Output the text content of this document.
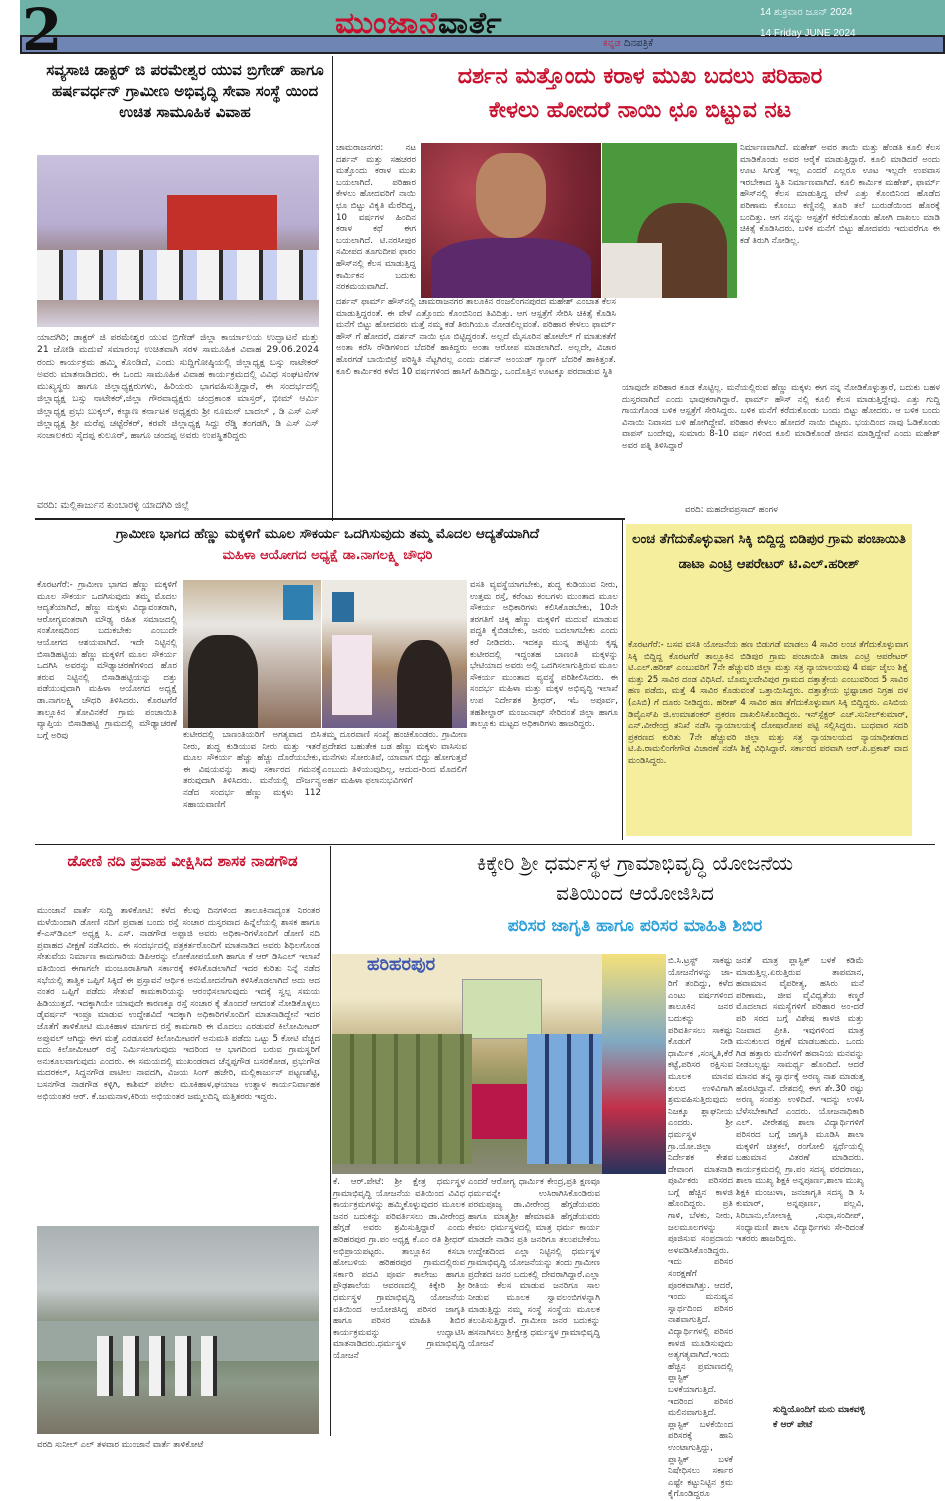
2	ಮುಂಜಾನೆವಾರ್ತೆ
ಕನ್ನಡ ದಿನಪತ್ರಿಕೆ
14 ಶುಕ್ರವಾರ ಜೂನ್ 2024
14 Friday JUNE 2024
ಸವ್ಯಸಾಚಿ ಡಾಕ್ಟರ್ ಜಿ ಪರಮೇಶ್ವರ ಯುವ ಬ್ರಿಗೇಡ್ ಹಾಗೂ ಹರ್ಷವರ್ಧನ್ ಗ್ರಾಮೀಣ ಅಭಿವೃದ್ಧಿ ಸೇವಾ ಸಂಸ್ಥೆ ಯಿಂದ ಉಚಿತ ಸಾಮೂಹಿಕ ವಿವಾಹ
ಯಾದಗಿರಿ; ಡಾಕ್ಟರ್ ಜಿ ಪರಮೇಶ್ವರ ಯುವ ಬ್ರಿಗೇಡ್ ಜಿಲ್ಲಾ ಕಾರ್ಯಾಲಯ ಉದ್ಘಾಟನೆ ಮತ್ತು 21 ಜೋಡಿ ಮದುವೆ ಸಮಾರಂಭ ಉಚಿತವಾಗಿ ಸರಳ ಸಾಮೂಹಿಕ ವಿವಾಹ 29.06.2024 ರಂದು ಕಾರ್ಯಕ್ರಮ ಹಮ್ಮಿ ಕೊಂಡಿದೆ, ಎಂದು ಸುದ್ದಿಗೋಷ್ಠಿಯಲ್ಲಿ ಜಿಲ್ಲಾಧ್ಯಕ್ಷ ಬಸ್ಸು ನಾಟೇಕರ್ ಅವರು ಮಾತನಾಡಿದರು. ಈ ಒಂದು ಸಾಮೂಹಿಕ ವಿವಾಹ ಕಾರ್ಯಕ್ರಮದಲ್ಲಿ ವಿವಿಧ ಸಂಘಟನೆಗಳ ಮುಖ್ಯಸ್ಥರು ಹಾಗೂ ಜಿಲ್ಲಾಧ್ಯಕ್ಷರುಗಳು, ಹಿರಿಯರು ಭಾಗವಹಿಸುತ್ತಿದ್ದಾರೆ, ಈ ಸಂದರ್ಭದಲ್ಲಿ ಜಿಲ್ಲಾಧ್ಯಕ್ಷ ಬಸ್ಸು ನಾಟೇಕರ್,ಜಿಲ್ಲಾ ಗೌರವಾಧ್ಯಕ್ಷರು ಚಂದ್ರಕಾಂತ ಮಾಸ್ತರ್, ಭೀಮ್ ಆರ್ಮಿ ಜಿಲ್ಲಾಧ್ಯಕ್ಷ ಪ್ರಭು ಬುಕ್ಕಲ್, ಕಲ್ಯಾಣ ಕರ್ನಾಟಕ ಅಧ್ಯಕ್ಷರು ಶ್ರೀ ನೂಮನ್ ಬಾದಲ್ , ಡಿ ಎಸ್ ಎಸ್ ಜಿಲ್ಲಾಧ್ಯಕ್ಷ ಶ್ರೀ ಮರೆಪ್ಪ ಚಟ್ಟೆರೆಕರ್, ಕರವೇ ಜಿಲ್ಲಾಧ್ಯಕ್ಷ ಸಿದ್ದು ರೆಡ್ಡಿ ತಂಗಡಗಿ, ಡಿ ಎಸ್ ಎಸ್ ಸಂಚಾಲಕರು ಸೈದಪ್ಪ ಕುಲೂರ್, ಹಾಗೂ ಚಂದಪ್ಪ ಅವರು ಉಪಸ್ಥಿತರಿದ್ದರು
ವರದಿ: ಮಲ್ಲಿಕಾರ್ಜುನ ಕುಂಬಾರಳ್ಳಿ ಯಾದಗಿರಿ ಜಿಲ್ಲೆ
ದರ್ಶನ ಮತ್ತೊಂದು ಕರಾಳ ಮುಖ ಬದಲು ಪರಿಹಾರ
ಕೇಳಲು ಹೋದರೆ ನಾಯಿ ಛೂ ಬಿಟ್ಟುವ ನಟ
ಚಾಮರಾಜನಗರ: ನಟ ದರ್ಶನ್ ಮತ್ತು ಸಹಚರರ ಮತ್ತೊಂದು ಕರಾಳ ಮುಖ ಬಯಲಾಗಿದೆ. ಪರಿಹಾರ ಕೇಳಲು ಹೋದವರಿಗೆ ನಾಯಿ ಛೂ ಬಿಟ್ಟು ವಿಕೃತಿ ಮೆರೆದಿದ್ದ, 10 ವರ್ಷಗಳ ಹಿಂದಿನ ಕರಾಳ ಕಥೆ ಈಗ ಬಯಲಾಗಿದೆ. ಟಿ.ನರಸೀಪುರ ಸಮೀಪದ ತೂಗುದೀಪ ಫಾರಂ ಹೌಸ್‌ನಲ್ಲಿ ಕೆಲಸ ಮಾಡುತ್ತಿದ್ದ ಕಾರ್ಮಿಕನ ಬದುಕು ನರಕಮಯವಾಗಿದೆ.
ದರ್ಶನ್ ಫಾರ್ಮ್ ಹೌಸ್‌ನಲ್ಲಿ ಚಾಮರಾಜನಗರ ತಾಲೂಕಿನ ರಂಜಲಿಂಗನಪುರದ ಮಹೇಶ್ ಎಂಬಾತ ಕೆಲಸ ಮಾಡುತ್ತಿದ್ದರಂತೆ. ಈ ವೇಳೆ ಎತ್ತೊಂದು ಕೊಂಬಿನಿಂದ ತಿವಿದಿತ್ತು. ಆಗ ಆಸ್ಪತ್ರೆಗೆ ಸೇರಿಸಿ ಚಿಕಿತ್ಸೆ ಕೊಡಿಸಿ ಮನೆಗೆ ಬಿಟ್ಟು ಹೋದವರು ಮತ್ತೆ ನಮ್ಮ ಕಡೆ ತಿರುಗಿಯೂ ನೋಡಲಿಲ್ಲವಂತೆ. ಪರಿಹಾರ ಕೇಳಲು ಫಾರ್ಮ್ ಹೌಸ್ ಗೆ ಹೋದರೆ, ದರ್ಶನ್ ನಾಯಿ ಛೂ ಬಿಟ್ಟಿದ್ದರಂತೆ. ಅಲ್ಲದೆ ಮೈಸೂರಿನ ಹೋಟೆಲ್ ಗೆ ಮಾತುಕತೆಗೆ ಅಂತಾ ಕರೆಸಿ ರೌಡಿಗಳಿಂದ ಬೆದರಿಕೆ ಹಾಕಿದ್ದರು ಅಂತಾ ಆರೋಪ ಮಾಡಲಾಗಿದೆ. ಅಲ್ಲದೇ, ವಿಚಾರ ಹೊರಗಡೆ ಬಾಯಿಬಿಟ್ರೆ ಪರಿಸ್ಥಿತಿ ನೆಟ್ಟಗಿರಲ್ಲ ಎಂದು ದರ್ಶನ್ ಅಂಯಡ್ ಗ್ಯಾಂಗ್ ಬೆದರಿಕೆ ಹಾಕಿತ್ತಂತೆ. ಕೂಲಿ ಕಾರ್ಮಿಕರ ಕಳೆದ 10 ವರ್ಷಗಳಿಂದ ಹಾಸಿಗೆ ಹಿಡಿದಿದ್ದು, ಒಂದೊತ್ತಿನ ಊಟಕ್ಕೂ ಪರದಾಡುವ ಸ್ಥಿತಿ
ನಿರ್ಮಾಣವಾಗಿದೆ. ಮಹೇಶ್ ಅವರ ತಾಯಿ ಮತ್ತು ಹೆಂಡತಿ ಕೂಲಿ ಕೆಲಸ ಮಾಡಿಕೊಂಡು ಅವರ ಆರೈಕೆ ಮಾಡುತ್ತಿದ್ದಾರೆ. ಕೂಲಿ ಮಾಡಿದರೆ ಅಂದು ಊಟ ಸಿಗುತ್ತೆ ಇಲ್ಲ ಎಂದರೆ ಎಲ್ಲರೂ ಊಟ ಇಲ್ಲದೇ ಉಪವಾಸ ಇರಬೇಕಾದ ಸ್ಥಿತಿ ನಿರ್ಮಾಣವಾಗಿದೆ. ಕೂಲಿ ಕಾರ್ಮಿಕ ಮಹೇಶ್, ಫಾರ್ಮ್ ಹೌಸ್‌ನಲ್ಲಿ ಕೆಲಸ ಮಾಡುತ್ತಿದ್ದ ವೇಳೆ ಎತ್ತು ಕೊಂಬಿನಿಂದ ಹೊಡೆದ ಪರಿಣಾಮ ಕೊಂಬು ಕಣ್ಣಿನಲ್ಲಿ ತೂರಿ ತಲೆ ಬುರುಡೆಯಿಂದ ಹೊರಕ್ಕೆ ಬಂದಿತ್ತು. ಆಗ ನನ್ನನ್ನು ಆಸ್ಪತ್ರೆಗೆ ಕರೆದುಕೊಂಡು ಹೋಗಿ ದಾಖಲು ಮಾಡಿ ಚಿಕಿತ್ಸೆ ಕೊಡಿಸಿದರು. ಬಳಿಕ ಮನೆಗೆ ಬಿಟ್ಟು ಹೋದವರು ಇದುವರೆಗೂ ಈ ಕಡೆ ತಿರುಗಿ ನೋಡಿಲ್ಲ.
ಯಾವುದೇ ಪರಿಹಾರ ಕೂಡ ಕೊಟ್ಟಿಲ್ಲ. ಮನೆಯಲ್ಲಿರುವ ಹೆಣ್ಣು ಮಕ್ಕಳು ಈಗ ನನ್ನ ನೋಡಿಕೊಳ್ಳುತ್ತಾರೆ, ಬದುಕು ಬಹಳ ದುಸ್ತರವಾಗಿದೆ ಎಂದು ಭಾವುಕರಾಗಿದ್ದಾರೆ. ಫಾರ್ಮ್ ಹೌಸ್ ನಲ್ಲಿ ಕೂಲಿ ಕೆಲಸ ಮಾಡುತ್ತಿದ್ದೇವು. ಎತ್ತು ಗುದ್ದಿ ಗಾಯಗೊಂಡ ಬಳಿಕ ಆಸ್ಪತ್ರೆಗೆ ಸೇರಿಸಿದ್ದರು. ಬಳಿಕ ಮನೆಗೆ ಕರೆದುಕೊಂಡು ಬಂದು ಬಿಟ್ಟು ಹೋದರು. ಆ ಬಳಿಕ ಬಂದು ವಿನಾಯಿ ನಿವಾಸದ ಬಳಿ ಹೋಗಿದ್ದೇವೆ. ಪರಿಹಾರ ಕೇಳಲು ಹೋದರೆ ನಾಯಿ ಬಿಟ್ಟರು. ಭಯದಿಂದ ನಾವು ಓಡಿಕೊಂಡು ವಾಪಸ್ ಬಂದೇವು, ಸುಮಾರು 8-10 ವರ್ಷ ಗಳಿಂದ ಕೂಲಿ ಮಾಡಿಕೊಂಡೆ ಜೀವನ ಮಾಡ್ತಿದ್ದೇವೆ ಎಂದು ಮಹೇಶ್ ಅವರ ಪತ್ನಿ ತಿಳಿಸಿದ್ದಾರೆ
ವರದಿ: ಮಹದೇವಪ್ರಸಾದ್ ಹಂಗಳ
ಗ್ರಾಮೀಣ ಭಾಗದ ಹೆಣ್ಣು ಮಕ್ಕಳಿಗೆ ಮೂಲ ಸೌಕರ್ಯ ಒದಗಿಸುವುದು ತಮ್ಮ ಮೊದಲ ಆದ್ಯತೆಯಾಗಿದೆ
ಮಹಿಳಾ ಆಯೋಗದ ಅಧ್ಯಕ್ಷೆ ಡಾ.ನಾಗಲಕ್ಷ್ಮಿ ಚೌಧರಿ
ಕೊರಟಗೆರೆ:- ಗ್ರಾಮೀಣ ಭಾಗದ ಹೆಣ್ಣು ಮಕ್ಕಳಿಗೆ ಮೂಲ ಸೌಕರ್ಯ ಒದಗಿಸುವುದು ತಮ್ಮ ಮೊದಲ ಆದ್ಯತೆಯಾಗಿದೆ, ಹೆಣ್ಣು ಮಕ್ಕಳು ವಿದ್ಯಾವಂತರಾಗಿ, ಆರೋಗ್ಯವಂತರಾಗಿ ಮೌಢ್ಯ ರಹಿತ ಸಮಾಜದಲ್ಲಿ ಸಂತೋಷದಿಂದ ಬದುಕಬೇಕು ಎಂಬುದೇ ಆಯೋಗದ ಆಶಯವಾಗಿದೆ. ಇದೇ ನಿಟ್ಟಿನಲ್ಲಿ ಬಿಸಾಡಿಹಟ್ಟಿಯ ಹೆಣ್ಣು ಮಕ್ಕಳಿಗೆ ಮೂಲ ಸೌಕರ್ಯ ಒದಗಿಸಿ ಅವರನ್ನು ಮೌಢ್ಯಾಚರಣೆಗಳಿಂದ ಹೊರ ತರುವ ನಿಟ್ಟಿನಲ್ಲಿ ಬಿಸಾಡಿಹಟ್ಟಿಯನ್ನು ದತ್ತು ಪಡೆಯುವುದಾಗಿ ಮಹಿಳಾ ಆಯೋಗದ ಅಧ್ಯಕ್ಷೆ ಡಾ.ನಾಗಲಕ್ಷ್ಮಿ ಚೌಧರಿ ತಿಳಿಸಿದರು. ಕೊರಟಗೆರೆ ತಾಲ್ಲೂಕಿನ ತೋವಿನಕೆರೆ ಗ್ರಾಮ ಪಂಚಾಯಿತಿ ವ್ಯಾಪ್ತಿಯ ಬಿಸಾಡಿಹಟ್ಟಿ ಗ್ರಾಮದಲ್ಲಿ ಮೌಢ್ಯಾಚರಣೆ ಬಗ್ಗೆ ಅರಿವು	ಕುಟೀರದಲ್ಲಿ ಬಾಣಂತಿಯರಿಗೆ ಅಗತ್ಯವಾದ ಬಿಸಿ ನೀರು, ಶುದ್ಧ ಕುಡಿಯುವ ನೀರು ಮತ್ತು ಇತರೆ ಮೂಲ ಸೌಕರ್ಯ ಹೆಚ್ಚು ಹೆಚ್ಚು ದೊರೆಯಬೇಕು, ಈ ವಿಷಯವನ್ನು ತಾವು ಸರ್ಕಾರದ ಗಮನಕ್ಕೆ ತರುವುದಾಗಿ ತಿಳಿಸಿದರು. ಮನೆಯಲ್ಲಿ ದೌರ್ಜನ್ಯ ನಡೆದ ಸಂದರ್ಭ ಹೆಣ್ಣು ಮಕ್ಕಳು 112 ಸಹಾಯವಾಣಿಗೆ
ತಮ್ಮ ದೂರವಾಣಿ ಸಂಖ್ಯೆ ಹಂಚಿಕೊಂಡರು. ಗ್ರಾಮೀಣ ಪ್ರದೇಶದ ಬಹುತೇಕ ಬಡ ಹೆಣ್ಣು ಮಕ್ಕಳು ವಾಸಿಸುವ ಮನೆಗಳು ಸೋರುತಿವೆ, ಯಾವಾಗ ಬಿದ್ದು ಹೋಗುತ್ತವೆ ಎಂಬುದು ತಿಳಿಯುವುದಿಲ್ಲ, ಆದುದ-ರಿಂದ ಮೊದಲಿಗೆ ಅರ್ಹ ಮಹಿಳಾ ಫಲಾನುಭವಿಗಳಿಗೆ
ವಸತಿ ವ್ಯವಸ್ಥೆಯಾಗಬೇಕು, ಶುದ್ಧ ಕುಡಿಯುವ ನೀರು, ಉತ್ತಮ ರಸ್ತೆ, ಕರೆಂಟು ಕಂಬಗಳು ಮುಂತಾದ ಮೂಲ ಸೌಕರ್ಯ ಅಧಿಕಾರಿಗಳು ಕಲಿಸಿಕೊಡಬೇಕು, 10ನೇ ತರಗತಿಗೆ ಚಿಕ್ಕ ಹೆಣ್ಣು ಮಕ್ಕಳಿಗೆ ಮದುವೆ ಮಾಡುವ ಪದ್ಧತಿ ಕೈಬಿಡಬೇಕು, ಜನರು ಬದಲಾಗಬೇಕು ಎಂದು ಕರೆ ನೀಡಿದರು. ಇದಕ್ಕೂ ಮುನ್ನ ಹಟ್ಟಿಯ ಕೃಷ್ಣ ಕುಟೀರದಲ್ಲಿ ಇದ್ದಂತಹ ಬಾಣಂತಿ ಮಕ್ಕಳನ್ನು ಭೇಟಿಯಾದ ಅವರು ಅಲ್ಲಿ ಒದಗಿಸಲಾಗುತ್ತಿರುವ ಮೂಲ ಸೌಕರ್ಯ ಮುಂತಾದ ವ್ಯವಸ್ಥೆ ಪರಿಶೀಲಿಸಿದರು. ಈ ಸಂದರ್ಭ ಮಹಿಳಾ ಮತ್ತು ಮಕ್ಕಳ ಅಭಿವೃದ್ಧಿ ಇಲಾಖೆ ಉಪ ನಿರ್ದೇಶಕ ಶ್ರೀಧರ್, ಇಓ ಅಪೂರ್ವ, ತಹಶೀಲ್ದಾರ್ ಮಂಜುನಾಥ್ ಸೇರಿದಂತೆ ಜಿಲ್ಲಾ ಹಾಗೂ ತಾಲ್ಲೂಕು ಮಟ್ಟದ ಅಧಿಕಾರಿಗಳು ಹಾಜರಿದ್ದರು.
ಲಂಚ ತೆಗೆದುಕೊಳ್ಳುವಾಗ ಸಿಕ್ಕಿ ಬಿದ್ದಿದ್ದ ಬಿಡಿಪುರ ಗ್ರಾಮ ಪಂಚಾಯಿತಿ ಡಾಟಾ ಎಂಟ್ರಿ ಆಪರೇಟರ್ ಟಿ.ಎಲ್.ಹರೀಶ್
ಕೊರಟಗೆರೆ:- ಬಸವ ವಸತಿ ಯೋಜನೆಯ ಹಣ ಬಿಡುಗಡೆ ಮಾಡಲು 4 ಸಾವಿರ ಲಂಚ ತೆಗೆದುಕೊಳ್ಳುವಾಗ ಸಿಕ್ಕಿ ಬಿದ್ದಿದ್ದ ಕೊರಟಗೆರೆ ತಾಲ್ಲೂಕಿನ ಬಿಡಿಪುರ ಗ್ರಾಮ ಪಂಚಾಯಿತಿ ಡಾಟಾ ಎಂಟ್ರಿ ಆಪರೇಟರ್ ಟಿ.ಎಲ್.ಹರೀಶ್ ಎಂಬುವರಿಗೆ 7ನೇ ಹೆಚ್ಚುವರಿ ಜಿಲ್ಲಾ ಮತ್ತು ಸತ್ರ ನ್ಯಾಯಾಲಯವು 4 ವರ್ಷ ಜೈಲು ಶಿಕ್ಷೆ ಮತ್ತು 25 ಸಾವಿರ ದಂಡ ವಿಧಿಸಿದೆ. ಬೊಮ್ಮಲದೇವಿಪುರ ಗ್ರಾಮದ ದತ್ತಾತ್ರೇಯ ಎಂಬುವರಿಂದ 5 ಸಾವಿರ ಹಣ ಪಡೆದು, ಮತ್ತೆ 4 ಸಾವಿರ ಕೊಡುವಂತೆ ಒತ್ತಾಯಿಸಿದ್ದರು. ದತ್ತಾತ್ರೇಯ ಭ್ರಷ್ಟಾಚಾರ ನಿಗ್ರಹ ದಳ (ಎಸಿಬಿ) ಗೆ ದೂರು ನೀಡಿದ್ದರು. ಹರೀಶ್ 4 ಸಾವಿರ ಹಣ ತೆಗೆದುಕೊಳ್ಳುವಾಗ ಸಿಕ್ಕಿ ಬಿದ್ದಿದ್ದರು. ಎಸಿಬಿಯ ಡಿವೈಎಸ್‌ಪಿ ಜಿ.ಉಮಾಶಂಕರ್ ಪ್ರಕರಣ ದಾಖಲಿಸಿಕೊಂಡಿದ್ದರು. ಇನ್‌ಸ್ಪೆಕ್ಟರ್ ಎಚ್.ಸುನೀಲ್‌ಕುಮಾರ್, ಎನ್.ವೀರೇಂದ್ರ ತನಿಖೆ ನಡೆಸಿ ನ್ಯಾಯಾಲಯಕ್ಕೆ ದೋಷಾರೋಪ ಪಟ್ಟಿ ಸಲ್ಲಿಸಿದ್ದರು. ಬುಧವಾರ ಸದರಿ ಪ್ರಕರಣದ ಕುರಿತು 7ನೇ ಹೆಚ್ಚುವರಿ ಜಿಲ್ಲಾ ಮತ್ತು ಸತ್ರ ನ್ಯಾಯಾಲಯದ ನ್ಯಾಯಾಧೀಶರಾದ ಟಿ.ಪಿ.ರಾಮಲಿಂಗೇಗೌಡ ವಿಚಾರಣೆ ನಡೆಸಿ ಶಿಕ್ಷೆ ವಿಧಿಸಿದ್ದಾರೆ. ಸರ್ಕಾರದ ಪರವಾಗಿ ಆರ್.ಪಿ.ಪ್ರಕಾಶ್ ವಾದ ಮಂಡಿಸಿದ್ದರು.
ಡೋಣಿ ನದಿ ಪ್ರವಾಹ ವೀಕ್ಷಿಸಿದ ಶಾಸಕ ನಾಡಗೌಡ
ಮುಂಜಾನೆ ವಾರ್ತೆ ಸುದ್ದಿ ತಾಳಿಕೋಟಿ: ಕಳೆದ ಕೆಲವು ದಿನಗಳಿಂದ ತಾಲೂಕಿನಾದ್ಯಂತ ನಿರಂತರ ಮಳೆಯಿಂದಾಗಿ ಡೋಣಿ ನದಿಗೆ ಪ್ರವಾಹ ಬಂದು ರಸ್ತೆ ಸಂಚಾರ ದುಸ್ತರವಾದ ಹಿನ್ನೆಲೆಯಲ್ಲಿ ಶಾಸಕ ಹಾಗೂ ಕೆ-ಎಸ್‌ಡಿಎಲ್ ಅಧ್ಯಕ್ಷ ಸಿ. ಎಸ್. ನಾಡಗೌಡ ಅಪ್ಪಾಜಿ ಅವರು ಅಧಿಕಾ-ರಿಗಳೊಂದಿಗೆ ಡೋಣಿ ನದಿ ಪ್ರವಾಹದ ವೀಕ್ಷಣೆ ನಡೆಸಿದರು. ಈ ಸಂದರ್ಭದಲ್ಲಿ ಪತ್ರಕರ್ತರೊಂದಿಗೆ ಮಾತನಾಡಿದ ಅವರು ಶಿಥಿಲಗೊಂಡ ಸೇತುವೆಯ ನಿರ್ಮಾಣ ಕಾಮಗಾರಿಯ ಡಿಪಿಆರನ್ನು ಲೋಕೋಪಯೋಗಿ ಹಾಗೂ ಕೆ ಆರ್ ಡಿಸಿಎಲ್ ಇಲಾಖೆ ವತಿಯಿಂದ ಈಗಾಗಲೇ ಮಂಜೂರಾತಿಗಾಗಿ ಸರ್ಕಾರಕ್ಕೆ ಕಳಿಸಿಕೊಡಲಾಗಿದೆ ಇದರ ಕುರಿತು ನಿನ್ನೆ ನಡೆದ ಸಭೆಯಲ್ಲಿ ತಾತ್ವಿಕ ಒಪ್ಪಿಗೆ ಸಿಕ್ಕಿದೆ ಈ ಪ್ರಸ್ತಾವನೆ ಆರ್ಥಿಕ ಅನುಮೋದನೆಗಾಗಿ ಕಳಿಸಿಕೊಡಲಾಗಿದೆ ಅದು ಆದ ನಂತರ ಒಪ್ಪಿಗೆ ಪಡೆದು ಸೇತುವೆ ಕಾಮಕಾರಿಯನ್ನು ಆರಂಭಿಸಲಾಗುವುದು ಇದಕ್ಕೆ ಸ್ವಲ್ಪ ಸಮಯ ಹಿಡಿಯುತ್ತದೆ. ಇದಕ್ಕಾಗಿಯೇ ಯಾವುದೇ ಕಾರಣಕ್ಕೂ ರಸ್ತೆ ಸಂಚಾರ ಕ್ಕೆ ತೊಂದರೆ ಆಗದಂತೆ ನೋಡಿಕೊಳ್ಳಲು ಡೈವರ್ಷನ್ ಇಂಪ್ರೂ ಮಾಡುವ ಉದ್ದೇಶವಿದೆ ಇದಕ್ಕಾಗಿ ಅಧಿಕಾರಿಗಳೊಂದಿಗೆ ಮಾತನಾಡಿದ್ದೇನೆ ಇದರ ಜೊತೆಗೆ ತಾಳಿಕೋಟಿ ಮೂಕಿಹಾಳ ಮಾರ್ಗದ ರಸ್ತೆ ಕಾಮಗಾರಿ ಈ ಮೊದಲು ಎರಡುವರೆ ಕಿಲೋಮೀಟರ್ ಅಪ್ರುವಲ್ ಆಗಿದ್ದು ಈಗ ಮತ್ತೆ ಎರಡೂವರೆ ಕಿಲೋಮೀಟರಗೆ ಅನುಮತಿ ಪಡೆದು ಒಟ್ಟು 5 ಕೋಟಿ ವೆಚ್ಚದ ಐದು ಕಿಲೋಮೀಟರ್ ರಸ್ತೆ ನಿರ್ಮಿಸಲಾಗುವುದು ಇದರಿಂದ ಆ ಭಾಗದಿಂದ ಬರುವ ಗ್ರಾಮಸ್ಥರಿಗೆ ಅನುಕೂಲವಾಗುವುದು ಎಂದರು. ಈ ಸಮಯದಲ್ಲಿ ಮುಖಂಡರಾದ ಚೆನ್ನಪ್ಪಗೌಡ ಬಸರಕೋಡ, ಪ್ರಭುಗೌಡ ಮದರಕಲ್, ಸಿದ್ದನಗೌಡ ಪಾಟೀಲ ನಾವದಗಿ, ವಿಜಯ ಸಿಂಗ್ ಹಜೇರಿ, ಮಲ್ಲಿಕಾರ್ಜುನ್ ಪಟ್ಟಣಶೆಟ್ಟಿ, ಬಸನಗೌಡ ನಾಡಗೌಡ ಕಳ್ಳಿಗಿ, ಕಾಶಿಮ್ ಪಟೇಲ ಮೂಕಿಹಾಳ,ಘಯಾಜ ಉತ್ನಾಳ ಕಾರ್ಯನಿರ್ವಾಹಕ ಅಭಿಯಂತರ ಆರ್. ಕೆ.ಜುಮನಾಳ,ಕಿರಿಯ ಅಭಿಯಂತರ ಜಮ್ಮಲದಿನ್ನಿ ಮತ್ತಿತರರು ಇದ್ದರು.
ವರದಿ ಸುನೀಲ್ ಎಲ್ ತಳವಾರ ಮುಂಜಾನೆ ವಾರ್ತೆ ತಾಳಿಕೋಟೆ
ಕಿಕ್ಕೇರಿ ಶ್ರೀ ಧರ್ಮಸ್ಥಳ ಗ್ರಾಮಾಭಿವೃದ್ಧಿ ಯೋಜನೆಯ
ವತಿಯಿಂದ ಆಯೋಜಿಸಿದ
ಪರಿಸರ ಜಾಗೃತಿ ಹಾಗೂ ಪರಿಸರ ಮಾಹಿತಿ ಶಿಬಿರ
ಹರಿಹರಪುರ
ಕೆ. ಆರ್.ಪೇಟೆ: ಶ್ರೀ ಕ್ಷೇತ್ರ ಧರ್ಮಸ್ಥಳ ಗ್ರಾಮಾಭಿವೃದ್ಧಿ ಯೋಜನೆಯ ವತಿಯಿಂದ ವಿವಿಧ ಕಾರ್ಯಕ್ರಮಗಳನ್ನು ಹಮ್ಮಿಕೊಳ್ಳುವುದರ ಮೂಲಕ ಜನರ ಬದುಕನ್ನು ಪರಿವರ್ತಿಸಲು ಡಾ.ವೀರೇಂದ್ರ ಹೆಗ್ಗಡೆ ಅವರು ಶ್ರಮಿಸುತ್ತಿದ್ದಾರೆ ಎಂದು ಹರಿಹರಪುರ ಗ್ರಾ.ಪಂ ಅಧ್ಯಕ್ಷ ಕೆ.ಎಂ ರತಿ ಶ್ರೀಧರ್ ಅಭಿಪ್ರಾಯಪಟ್ಟರು. ತಾಲ್ಲೂಕಿನ ಕಸಬಾ ಹೋಬಳಿಯ ಹರಿಹರಪುರ ಗ್ರಾಮದಲ್ಲಿರುವ ಸರ್ಕಾರಿ ಪದವಿ ಪೂರ್ವ ಕಾಲೇಜು ಹಾಗೂ ಪ್ರೌಢಶಾಲೆಯ ಆವರಣದಲ್ಲಿ ಕಿಕ್ಕೇರಿ ಶ್ರೀ ಧರ್ಮಸ್ಥಳ ಗ್ರಾಮಾಭಿವೃದ್ಧಿ ಯೋಜನೆಯ ವತಿಯಿಂದ ಆಯೋಜಿಸಿದ್ದ ಪರಿಸರ ಜಾಗೃತಿ ಹಾಗೂ ಪರಿಸರ ಮಾಹಿತಿ ಶಿಬಿರ ಕಾರ್ಯಕ್ರಮವನ್ನು ಉದ್ಘಾಟಿಸಿ ಮಾತನಾಡಿದರು.ಧರ್ಮಸ್ಥಳ ಗ್ರಾಮಾಭಿವೃದ್ಧಿ ಯೋಜನೆ
ಎಂದರೆ ಆರೋಗ್ಯ ಧಾರ್ಮಿಕ ಕೇಂದ್ರ,ಪ್ರತಿ ಕ್ಷಣವೂ ಧರ್ಮವನ್ನೇ ಉಸಿರಾಗಿಸಿಕೊಂಡಿರುವ ಪರಮಪೂಜ್ಯ ಡಾ.ವೀರೇಂದ್ರ ಹೆಗ್ಗಡೆಯವರು ಹಾಗೂ ಮಾತೃಶ್ರೀ ಹೇಮಾವತಿ ಹೆಗ್ಗಡೆಯವರು ಕೇವಲ ಧರ್ಮಸ್ಥಳದಲ್ಲಿ ಮಾತ್ರ ಧರ್ಮ ಕಾರ್ಯ ಮಾಡದೇ ನಾಡಿನ ಪ್ರತಿ ಜನರಿಗೂ ತಲುಪಬೇಕೆಂಬ ಉದ್ದೇಶದಿಂದ ಎಲ್ಲಾ ನಿಟ್ಟಿನಲ್ಲಿ ಧರ್ಮಸ್ಥಳ ಗ್ರಾಮಾಭಿವೃದ್ಧಿ ಯೋಜನೆಯನ್ನು ತಂದು ಗ್ರಾಮೀಣ ಪ್ರದೇಶದ ಜನರ ಬದುಕಲ್ಲಿ ದೇವರಾಗಿದ್ದಾರೆ.ಎಲ್ಲಾ ರೀತಿಯ ಕೆಲಸ ಮಾಡುವ ಜನರಿಗೂ ಸಾಲ ನೀಡುವ ಮೂಲಕ ಸ್ವಾವಲಂಬಿಗಳನ್ನಾಗಿ ಮಾಡುತ್ತಿದ್ದು ನಮ್ಮ ಸಂಸ್ಥೆ ಸಂಸ್ಥೆಯ ಮೂಲಕ ತಲುಪಿಸುತ್ತಿದ್ದಾರೆ. ಗ್ರಾಮೀಣ ಜನರ ಬದುಕನ್ನು ಹಸನಾಗಿಸಲು ಶ್ರೀಕ್ಷೇತ್ರ ಧರ್ಮಸ್ಥಳ ಗ್ರಾಮಾಭಿವೃದ್ಧಿ ಯೋಜನೆ
ಬಿ.ಸಿ.ಟ್ರಸ್ಟ್ ಸಾಕಷ್ಟು ಯೋಜನೆಗಳನ್ನು ಜಾ-ರಿಗೆ ತಂದಿದ್ದು, ಕಳೆದ ಎಂಟು ವರ್ಷಗಳಿಂದ ತಾಲೂಕಿನ ಜನರ ಬದುಕನ್ನು ಪರಿವರ್ತಿಸಲು ಸಾಕಷ್ಟು ಕೊಡುಗೆ ನೀಡಿ ಧಾರ್ಮಿಕ ,ಸಂಸ್ಕೃತಿ,ಕೆರೆ ಕಟ್ಟೆ,ಪರಿಸರ ರಕ್ಷಿಸುವ ಮೂಲಕ ಮಾನವ ಕುಲದ ಉಳಿವಿಗಾಗಿ ಶ್ರಮವಹಿಸುತ್ತಿರುವುದು ನಿಜಕ್ಕೂ ಶ್ಲಾಘನೀಯ ಎಂದರು. ಶ್ರೀ ಧರ್ಮಸ್ಥಳ ಗ್ರಾ.ಯೋ.ಜಿಲ್ಲಾ ನಿರ್ದೇಶಕ ಕೇಶವ ದೇವಾಂಗ ಮಾತನಾಡಿ ಪೂರ್ವಿಕರು ಪರಿಸರದ ಬಗ್ಗೆ ಹೆಚ್ಚಿನ ಕಾಳಜಿ ಹೊಂದಿದ್ದರು. ಪ್ರತಿ ಗಾಳಿ, ಬೆಳಕು, ನೀರು, ಜಲಮೂಲಗಳನ್ನು ಪೂಜಿಸುವ ಸಂಪ್ರದಾಯ ಅಳವಡಿಸಿಕೊಂಡಿದ್ದರು. ಇದು ಪರಿಸರ ಸಂರಕ್ಷಣೆಗೆ ಪೂರಕವಾಗಿತ್ತು. ಆದರೆ, ಇಂದು ಮನುಷ್ಯನ ಸ್ವಾರ್ಥದಿಂದ ಪರಿಸರ ನಾಶವಾಗುತ್ತಿದೆ. ವಿದ್ಯಾರ್ಥಿಗಳಲ್ಲಿ ಪರಿಸರ ಕಾಳಜಿ ಮೂಡಿಸುವುದು ಅತ್ಯಗತ್ಯವಾಗಿದೆ.ಇಂದು ಹೆಚ್ಚಿನ ಪ್ರಮಾಣದಲ್ಲಿ ಪ್ಲಾಸ್ಟಿಕ್ ಬಳಕೆಯಾಗುತ್ತಿದೆ. ಇದರಿಂದ ಪರಿಸರ ಮಲಿನವಾಗುತ್ತಿದೆ. ಪ್ಲಾಸ್ಟಿಕ್ ಬಳಕೆಯಿಂದ ಪರಿಸರಕ್ಕೆ ಹಾನಿ ಉಂಟಾಗುತ್ತಿದ್ದು, ಪ್ಲಾಸ್ಟಿಕ್ ಬಳಕೆ ನಿಷೇಧಿಸಲು ಸರ್ಕಾರ ಎಷ್ಟೇ ಕಟ್ಟುನಿಟ್ಟಿನ ಕ್ರಮ ಕೈಗೊಂಡಿದ್ದರೂ
ಜನತೆ ಮಾತ್ರ ಪ್ಲಾಸ್ಟಿಕ್ ಬಳಕೆ ಕಡಿಮೆ ಮಾಡುತ್ತಿಲ್ಲ.ಏರುತ್ತಿರುವ ತಾಪಮಾನ, ಹವಾಮಾನ ವೈಪರೀತ್ಯ, ಹಸಿರು ಮನೆ ಪರಿಣಾಮ, ಜೀವ ವೈವಿಧ್ಯತೆಯ ಕಣ್ಮರೆ ಮೊದಲಾದ ಸಮಸ್ಯೆಗಳಿಗೆ ಪರಿಹಾರ ಅಂ-ದರೆ ಪರಿ ಸರದ ಬಗ್ಗೆ ವಿಶೇಷ ಕಾಳಜಿ ಮತ್ತು ನಿಜವಾದ ಪ್ರೀತಿ. ಇವುಗಳಿಂದ ಮಾತ್ರ ಮನುಕುಲದ ರಕ್ಷಣೆ ಮಾಡಬಹುದು. ಒಂದು ಗಿಡ ಹತ್ತಾರು ಮನೆಗಳಿಗೆ ಹವಾನಿಯ ಮನವನ್ನು ನೀಡಬಲ್ಲಷ್ಟು ಸಾಮರ್ಥ್ಯ ಹೊಂದಿದೆ. ಆದರೆ ಮಾನವ ತನ್ನ ಸ್ವಾರ್ಥಕ್ಕೆ ಅರಣ್ಯ ನಾಶ ಮಾಡುತ್ತ ಹೊರಟಿದ್ದಾನೆ. ದೇಶದಲ್ಲಿ ಈಗ ಶೇ.30 ರಷ್ಟು ಅರಣ್ಯ ಸಂಪತ್ತು ಉಳಿದಿದೆ. ಇದನ್ನು ಉಳಿಸಿ ಬೆಳೆಸಬೇಕಾಗಿದೆ ಎಂದರು. ಯೋಜನಾಧಿಕಾರಿ ಎಲ್. ವೀರೇಶಪ್ಪ ಶಾಲಾ ವಿದ್ಯಾರ್ಥಿಗಳಿಗೆ ಪರಿಸರದ ಬಗ್ಗೆ ಜಾಗೃತಿ ಮೂಡಿಸಿ ಶಾಲಾ ಮಕ್ಕಳಿಗೆ ಚಿತ್ರಕಲೆ, ರಂಗೋಲಿ ಸ್ಪರ್ಧೆಯಲ್ಲಿ ಬಹುಮಾನ ವಿತರಣೆ ಮಾಡಿದರು. ಕಾರ್ಯಕ್ರಮದಲ್ಲಿ ಗ್ರಾ.ಪಂ ಸದಸ್ಯ ವರದರಾಜು, ಶಾಲಾ ಮುಖ್ಯ ಶಿಕ್ಷಕಿ ಅನ್ನಪೂರ್ಣ,ಶಾಲಾ ಮುಖ್ಯ ಶಿಕ್ಷಕಿ ಮಂಜುಳಾ, ಜನಜಾಗೃತಿ ಸದಸ್ಯ ಡಿ ಸಿ ಕುಮಾರ್, ಅನ್ನಪೂರ್ಣ, ಪಲ್ಲವಿ, ಸಿರಿಬಾನು,ಲೋಲಾಕ್ಷಿ ,ಸುಧಾ,ಸಂದೀಪ್, ಸಂಧ್ಯಾಮಣಿ ಶಾಲಾ ವಿದ್ಯಾರ್ಥಿಗಳು ಸೇ-ರಿದಂತೆ ಇತರರು ಹಾಜರಿದ್ದರು.
ಸುದ್ದಿಯೊಂದಿಗೆ ಮನು ಮಾಕವಳ್ಳಿ
ಕೆ ಆರ್ ಪೇಟೆ
